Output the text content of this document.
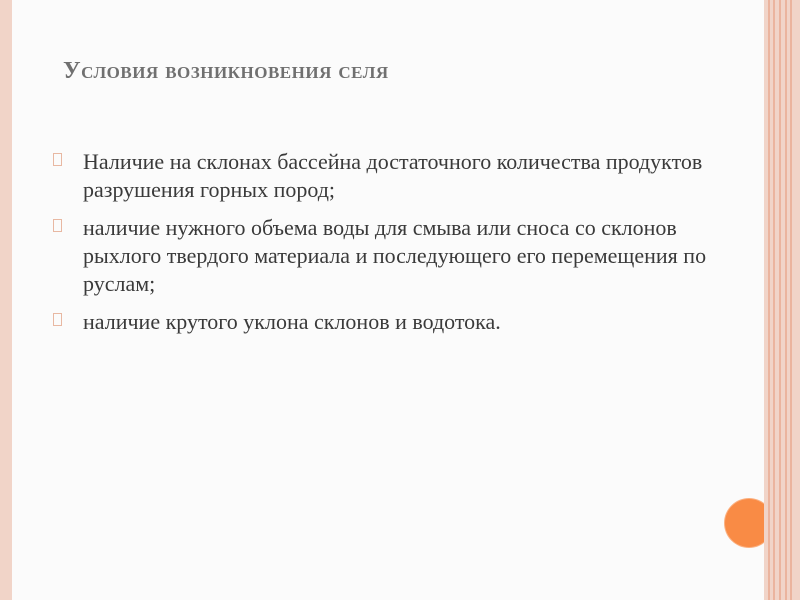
Условия возникновения селя
Наличие на склонах бассейна достаточного количества продуктов разрушения горных пород;
наличие нужного объема воды для смыва или сноса со склонов рыхлого твердого материала и последующего его перемещения по руслам;
наличие крутого уклона склонов и водотока.
